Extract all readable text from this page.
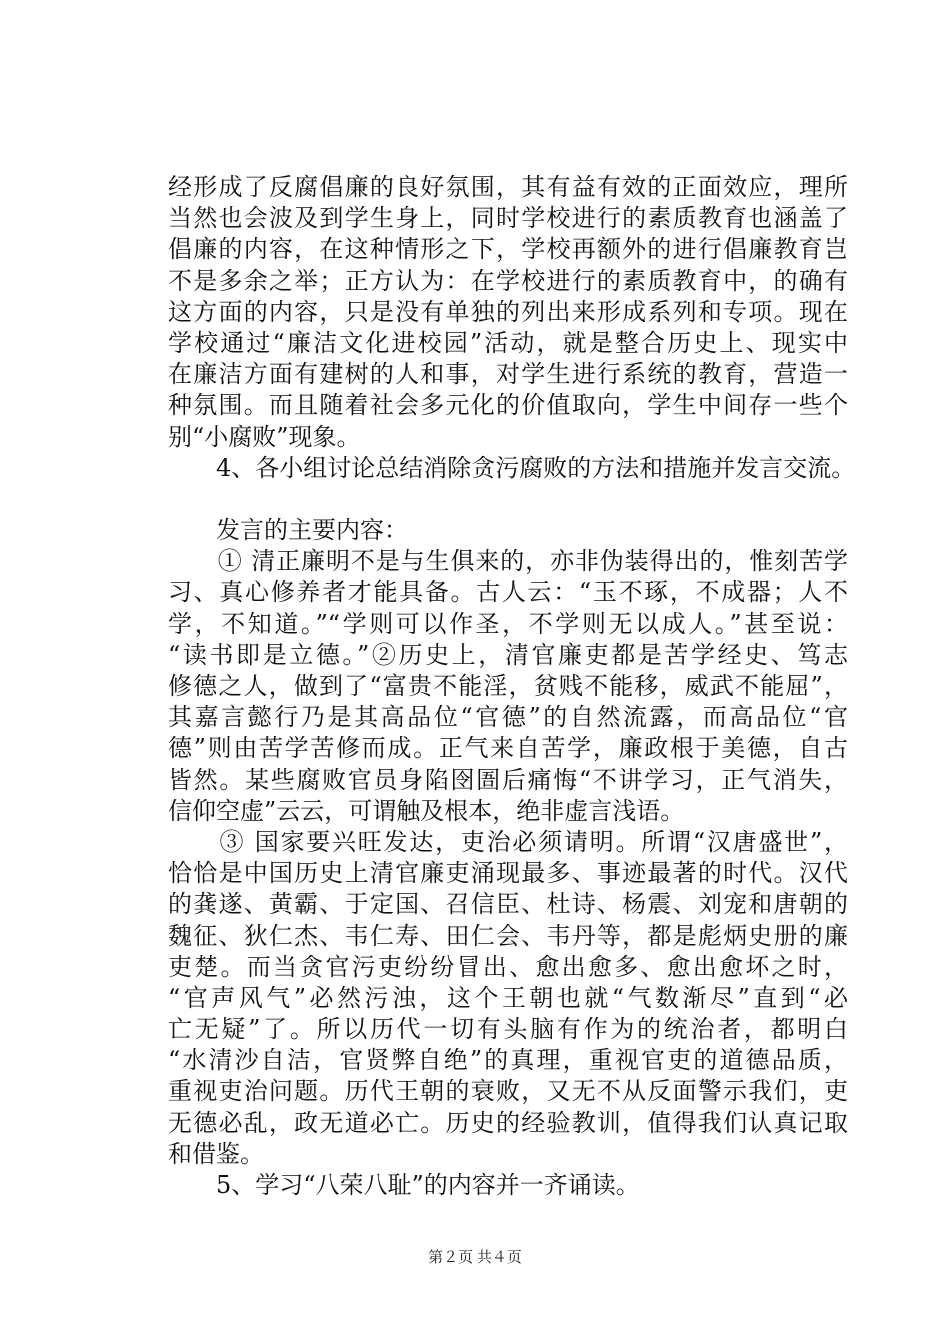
经形成了反腐倡廉的良好氛围，其有益有效的正面效应，理所
当然也会波及到学生身上，同时学校进行的素质教育也涵盖了
倡廉的内容，在这种情形之下，学校再额外的进行倡廉教育岂
不是多余之举；正方认为：在学校进行的素质教育中，的确有
这方面的内容，只是没有单独的列出来形成系列和专项。现在
学校通过“廉洁文化进校园”活动，就是整合历史上、现实中
在廉洁方面有建树的人和事，对学生进行系统的教育，营造一
种氛围。而且随着社会多元化的价值取向，学生中间存一些个
别“小腐败”现象。
　　4、各小组讨论总结消除贪污腐败的方法和措施并发言交流。
　　发言的主要内容：
　　① 清正廉明不是与生俱来的，亦非伪装得出的，惟刻苦学
习、真心修养者才能具备。古人云：“玉不琢，不成器；人不
学，不知道。”“学则可以作圣，不学则无以成人。”甚至说：
“读书即是立德。”②历史上，清官廉吏都是苦学经史、笃志
修德之人，做到了“富贵不能淫，贫贱不能移，威武不能屈”，
其嘉言懿行乃是其高品位“官德”的自然流露，而高品位“官
德”则由苦学苦修而成。正气来自苦学，廉政根于美德，自古
皆然。某些腐败官员身陷囹圄后痛悔“不讲学习，正气消失，
信仰空虚”云云，可谓触及根本，绝非虚言浅语。
　　③ 国家要兴旺发达，吏治必须请明。所谓“汉唐盛世”，
恰恰是中国历史上清官廉吏涌现最多、事迹最著的时代。汉代
的龚遂、黄霸、于定国、召信臣、杜诗、杨震、刘宠和唐朝的
魏征、狄仁杰、韦仁寿、田仁会、韦丹等，都是彪炳史册的廉
吏楚。而当贪官污吏纷纷冒出、愈出愈多、愈出愈坏之时，
“官声风气”必然污浊，这个王朝也就“气数渐尽”直到“必
亡无疑”了。所以历代一切有头脑有作为的统治者，都明白
“水清沙自洁，官贤弊自绝”的真理，重视官吏的道德品质，
重视吏治问题。历代王朝的衰败，又无不从反面警示我们，吏
无德必乱，政无道必亡。历史的经验教训，值得我们认真记取
和借鉴。
　　5、学习“八荣八耻”的内容并一齐诵读。
第２页 共４页
